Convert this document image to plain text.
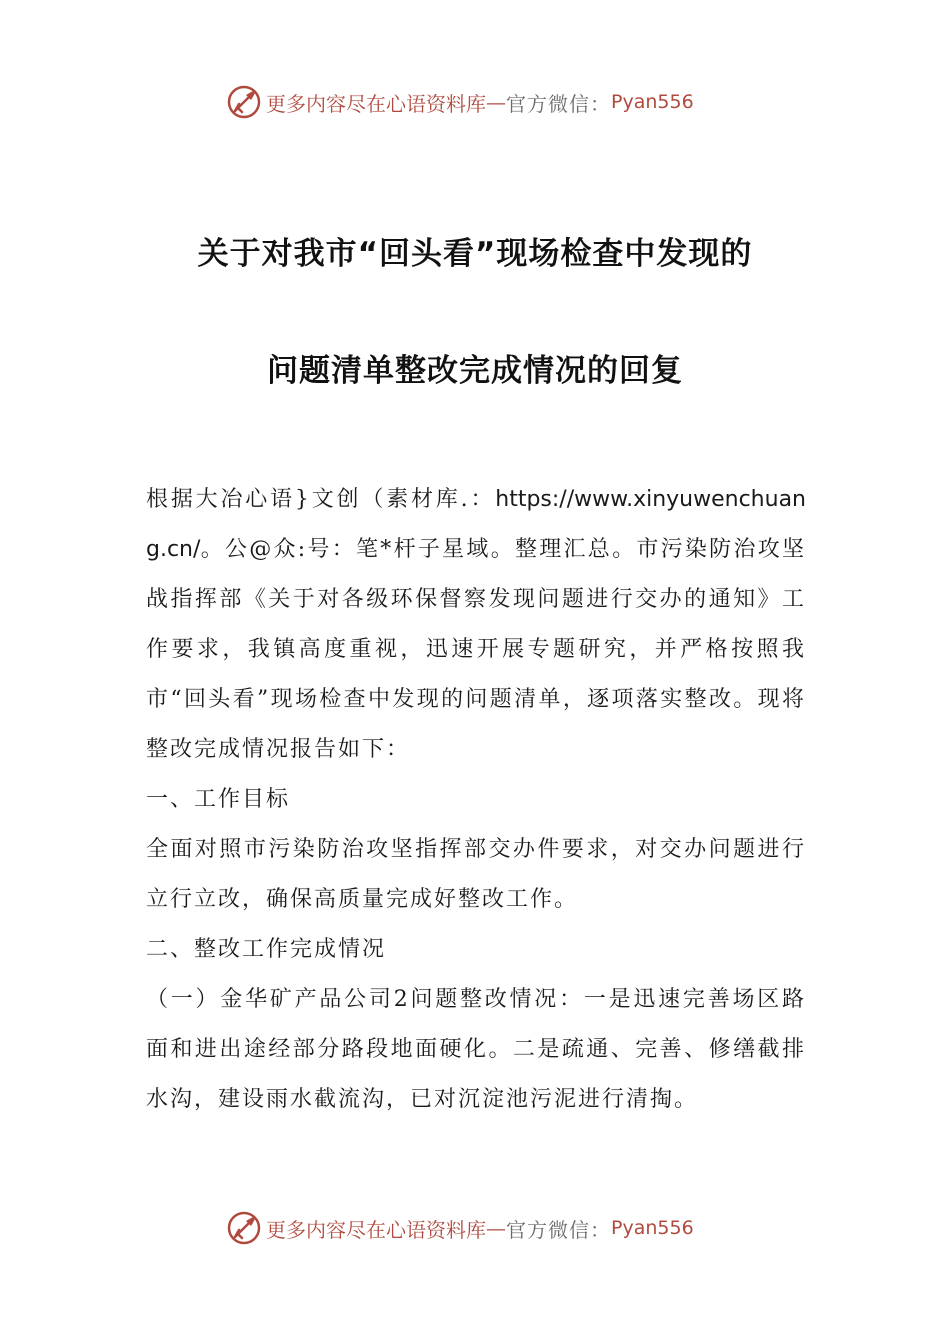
更多内容尽在心语资料库 — 官方微信： Pyan556
关于对我市“回头看”现场检查中发现的
问题清单整改完成情况的回复

根据大冶心语}文创（素材库.：https://www.xinyuwenchuang.cn/。公@众:号：笔*杆子星域。整理汇总。市污染防治攻坚战指挥部《关于对各级环保督察发现问题进行交办的通知》工作要求，我镇高度重视，迅速开展专题研究，并严格按照我市“回头看”现场检查中发现的问题清单，逐项落实整改。现将整改完成情况报告如下：

一、工作目标

全面对照市污染防治攻坚指挥部交办件要求，对交办问题进行立行立改，确保高质量完成好整改工作。

二、整改工作完成情况

（一）金华矿产品公司2问题整改情况：一是迅速完善场区路面和进出途经部分路段地面硬化。二是疏通、完善、修缮截排水沟，建设雨水截流沟，已对沉淀池污泥进行清掏。

更多内容尽在心语资料库 — 官方微信： Pyan556
